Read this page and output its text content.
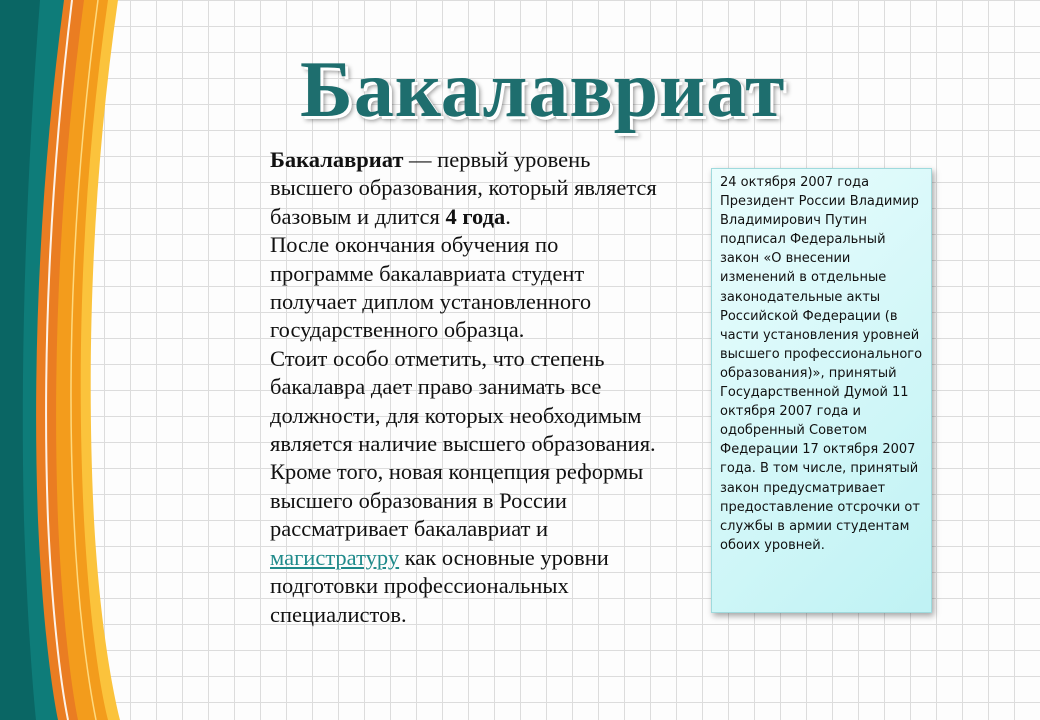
Бакалавриат

Бакалавриат — первый уровень высшего образования, который является базовым и длится 4 года.

После окончания обучения по программе бакалавриата студент получает диплом установленного государственного образца.

Стоит особо отметить, что степень бакалавра дает право занимать все должности, для которых необходимым является наличие высшего образования. Кроме того, новая концепция реформы высшего образования в России рассматривает бакалавриат и магистратуру как основные уровни подготовки профессиональных специалистов.

24 октября 2007 года Президент России Владимир Владимирович Путин подписал Федеральный закон «О внесении изменений в отдельные законодательные акты Российской Федерации (в части установления уровней высшего профессионального образования)», принятый Государственной Думой 11 октября 2007 года и одобренный Советом Федерации 17 октября 2007 года. В том числе, принятый закон предусматривает предоставление отсрочки от службы в армии студентам обоих уровней.
